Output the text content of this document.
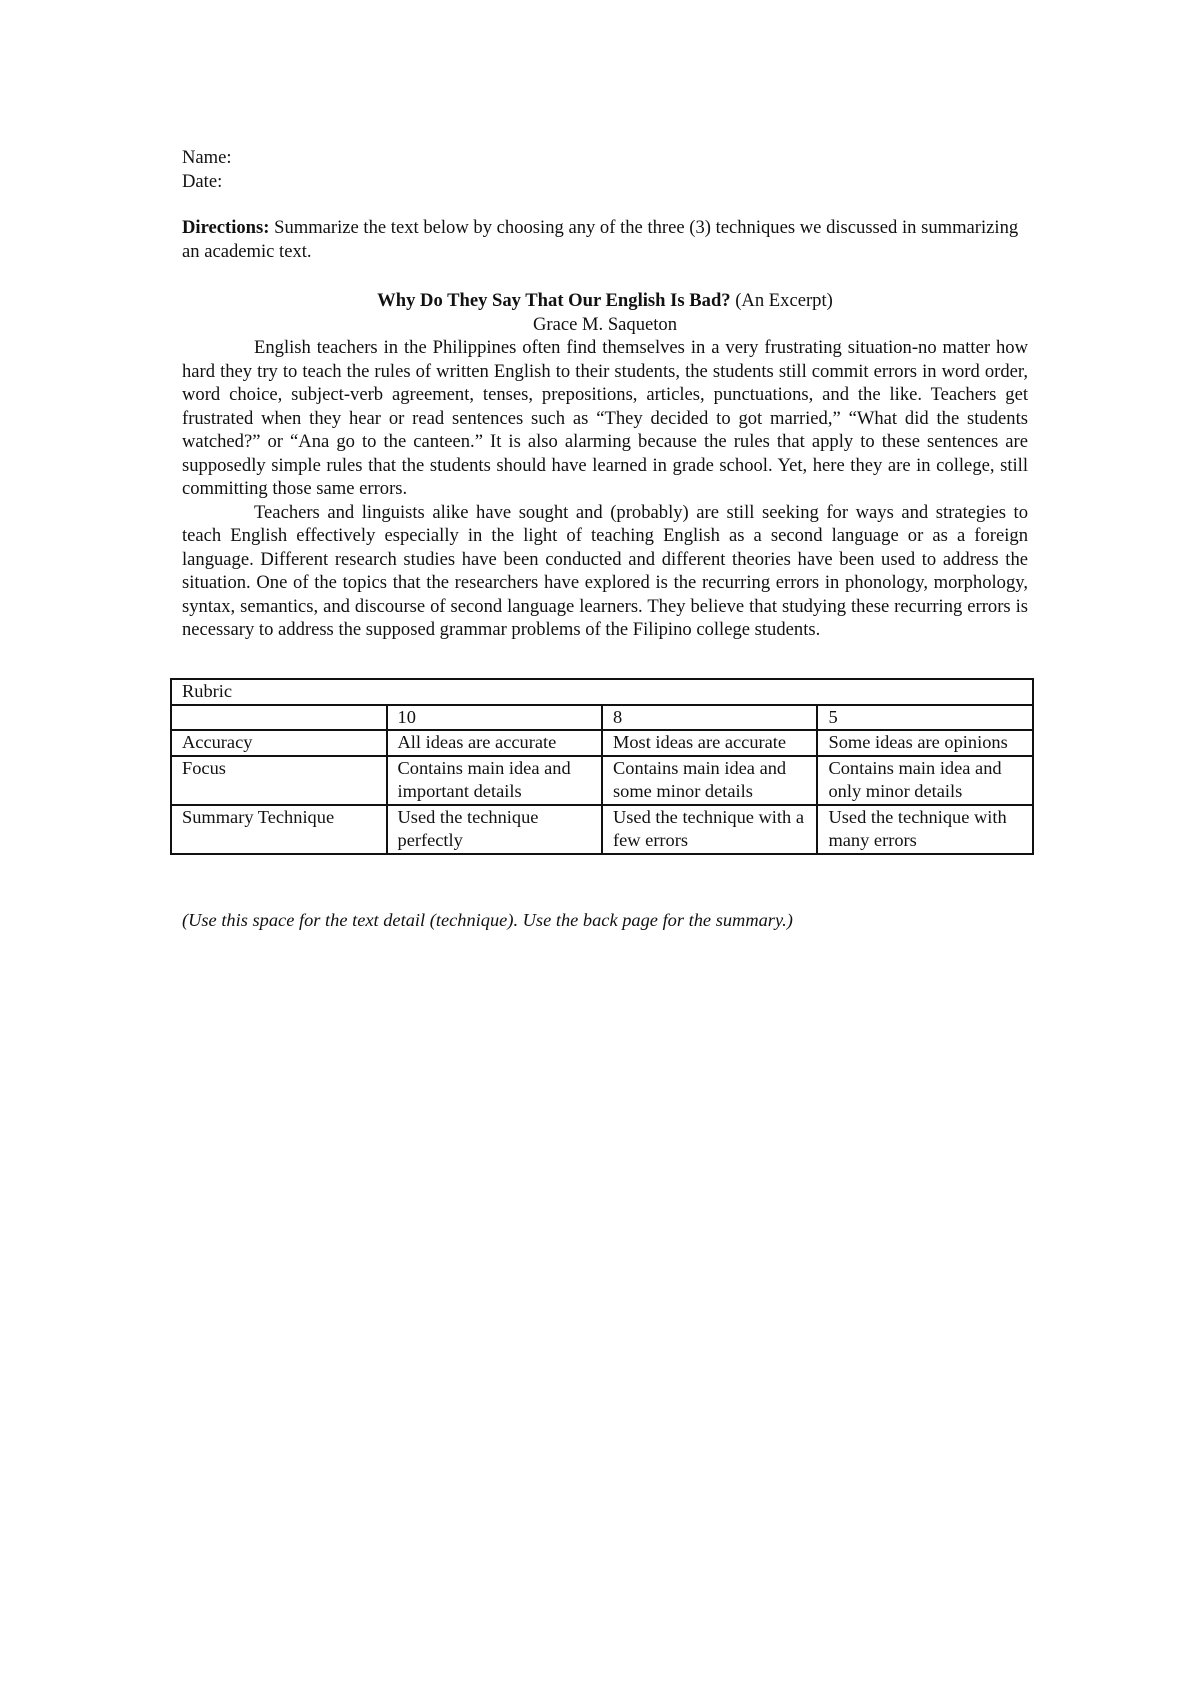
Name:
Date:
Directions: Summarize the text below by choosing any of the three (3) techniques we discussed in summarizing an academic text.
Why Do They Say That Our English Is Bad? (An Excerpt)
Grace M. Saqueton

English teachers in the Philippines often find themselves in a very frustrating situation-no matter how hard they try to teach the rules of written English to their students, the students still commit errors in word order, word choice, subject-verb agreement, tenses, prepositions, articles, punctuations, and the like. Teachers get frustrated when they hear or read sentences such as “They decided to got married,” “What did the students watched?” or “Ana go to the canteen.” It is also alarming because the rules that apply to these sentences are supposedly simple rules that the students should have learned in grade school. Yet, here they are in college, still committing those same errors.

Teachers and linguists alike have sought and (probably) are still seeking for ways and strategies to teach English effectively especially in the light of teaching English as a second language or as a foreign language. Different research studies have been conducted and different theories have been used to address the situation. One of the topics that the researchers have explored is the recurring errors in phonology, morphology, syntax, semantics, and discourse of second language learners. They believe that studying these recurring errors is necessary to address the supposed grammar problems of the Filipino college students.

Rubric			
	10	8	5
Accuracy	All ideas are accurate	Most ideas are accurate	Some ideas are opinions
Focus	Contains main idea and important details	Contains main idea and some minor details	Contains main idea and only minor details
Summary Technique	Used the technique perfectly	Used the technique with a few errors	Used the technique with many errors
(Use this space for the text detail (technique). Use the back page for the summary.)
